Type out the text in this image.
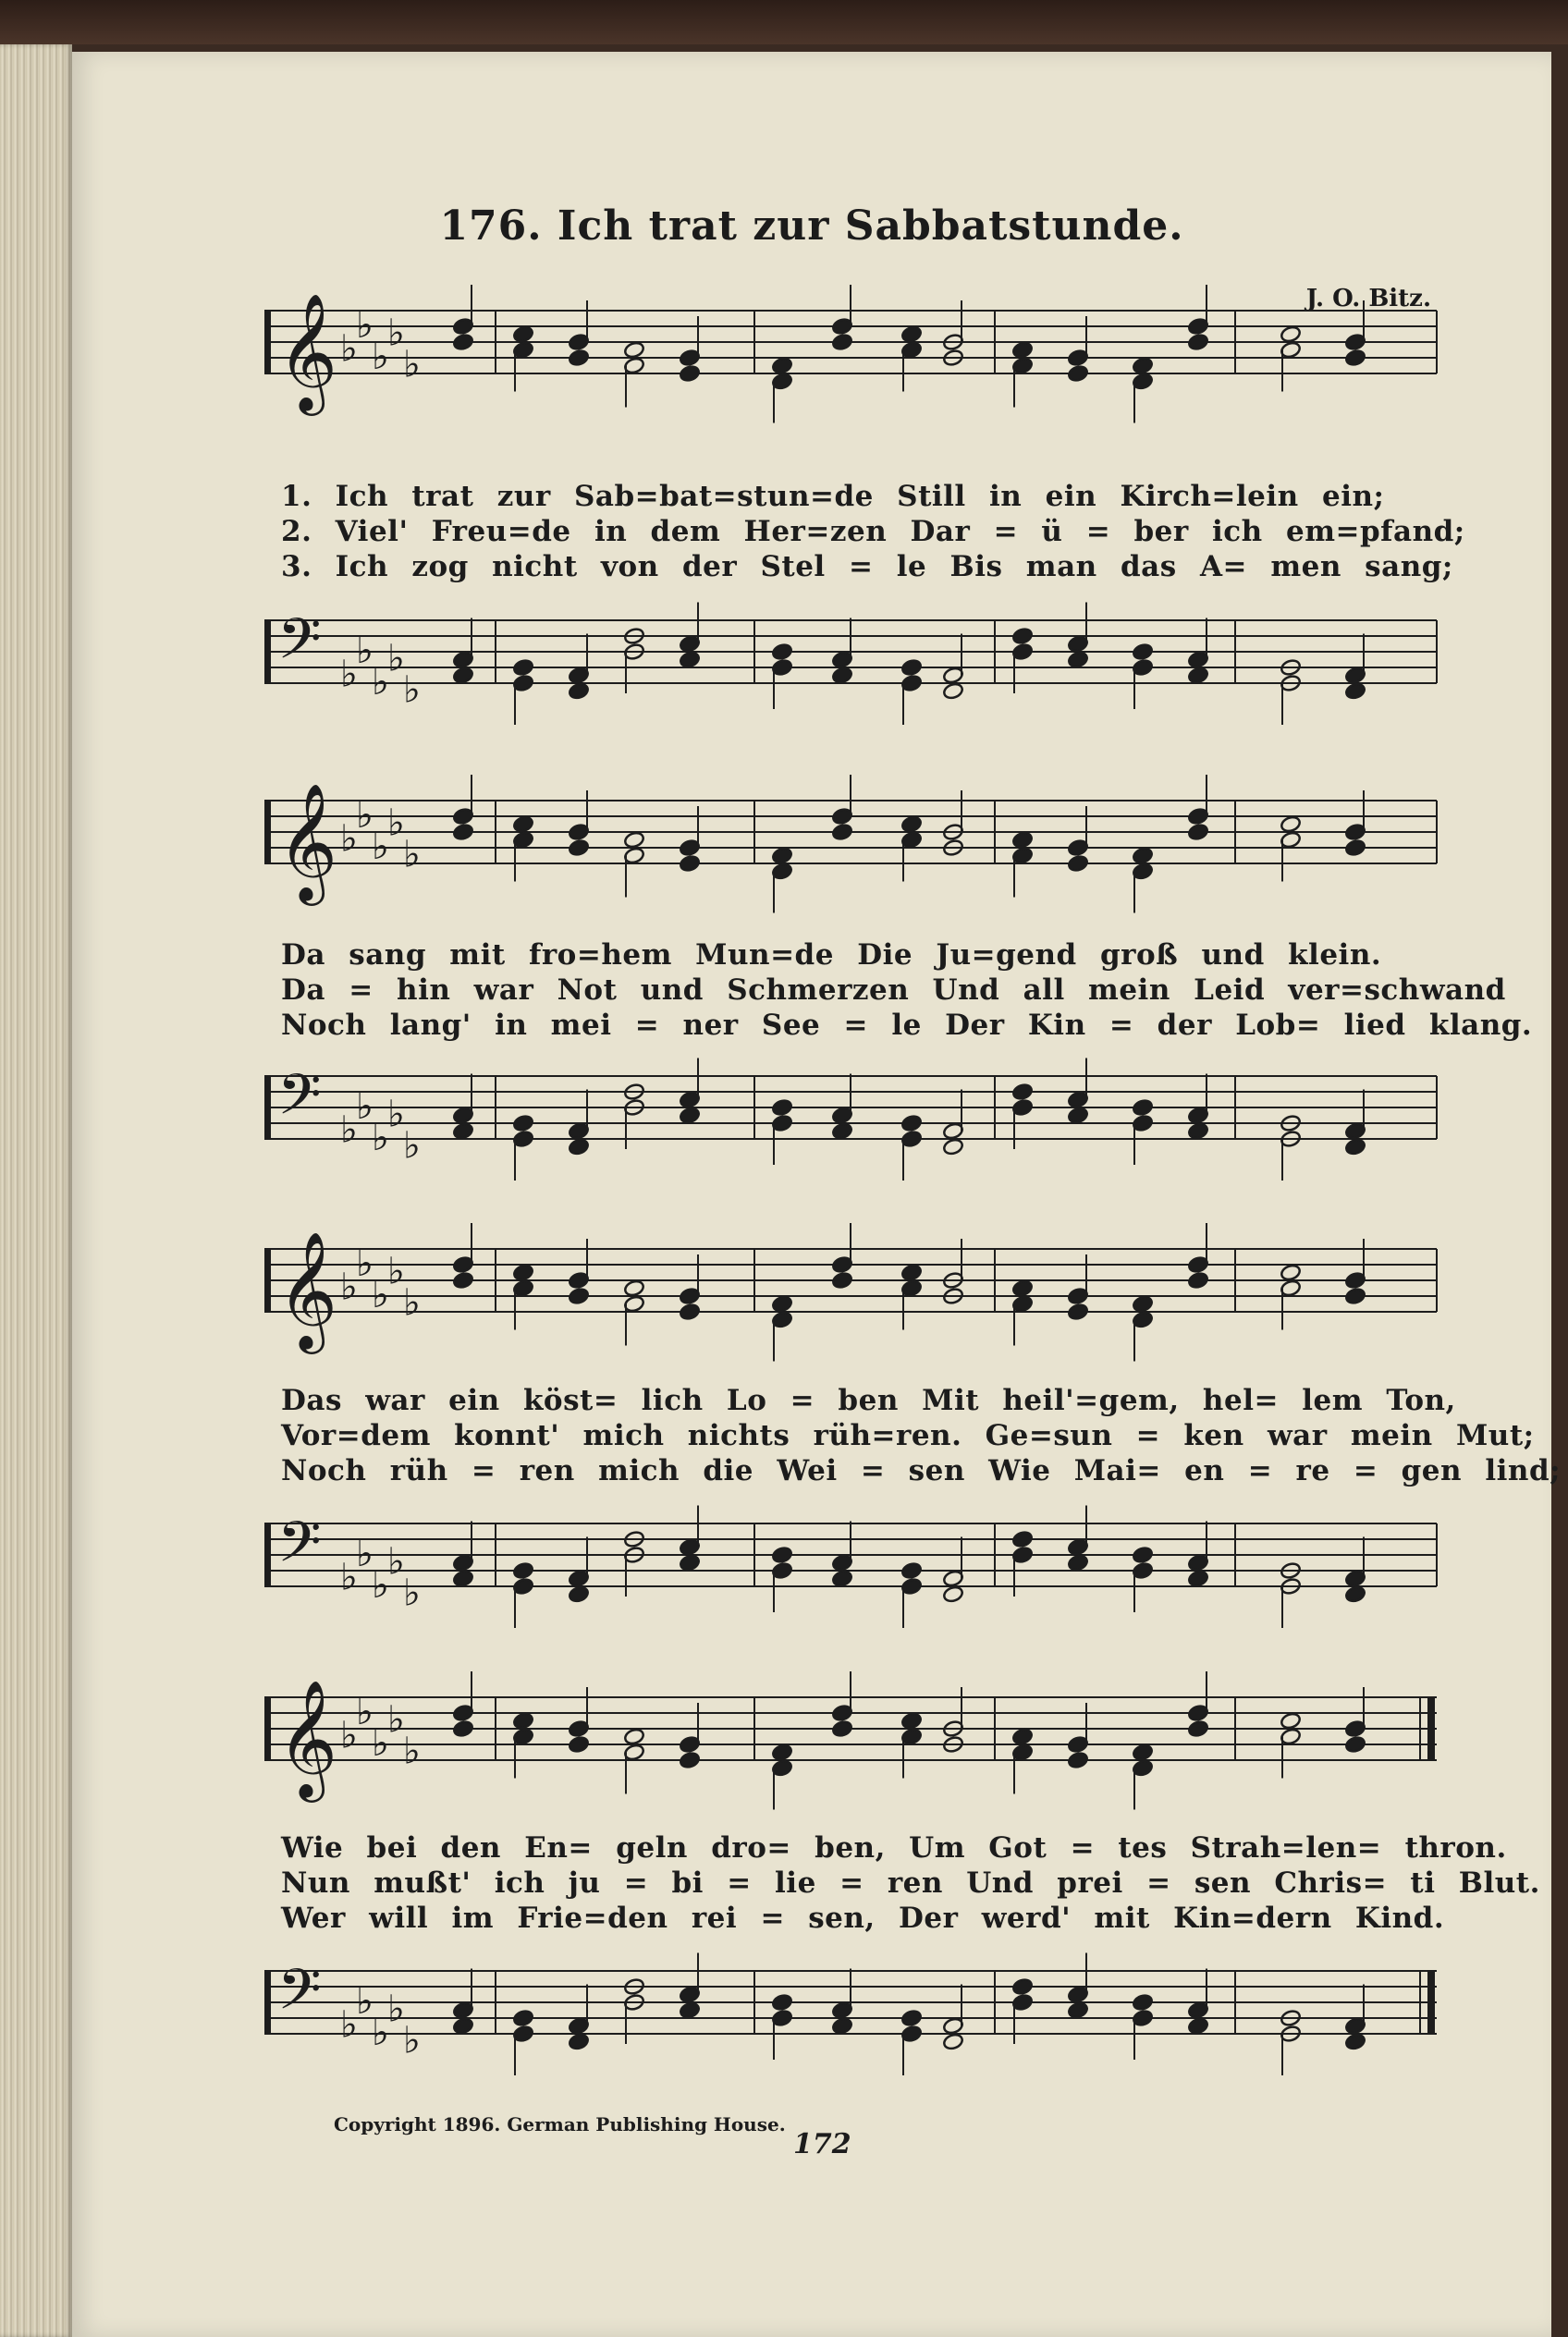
176. Ich trat zur Sabbatstunde.
J. O. Bitz.
𝄞 ♭
♭
♭
♭
♭
1. Ich trat zur Sab=bat=stun=de Still in ein Kirch=lein ein;
2. Viel' Freu=de in dem Her=zen Dar = ü = ber ich em=pfand;
3. Ich zog nicht von der Stel = le Bis man das A= men sang;
𝄢 ♭
♭
♭
♭
♭
𝄞 ♭
♭
♭
♭
♭
Da sang mit fro=hem Mun=de Die Ju=gend groß und klein.
Da = hin war Not und Schmerzen Und all mein Leid ver=schwand
Noch lang' in mei = ner See = le Der Kin = der Lob= lied klang.
𝄢 ♭
♭
♭
♭
♭
𝄞 ♭
♭
♭
♭
♭
Das war ein köst= lich Lo = ben Mit heil'=gem, hel= lem Ton,
Vor=dem konnt' mich nichts rüh=ren. Ge=sun = ken war mein Mut;
Noch rüh = ren mich die Wei = sen Wie Mai= en = re = gen lind;
𝄢 ♭
♭
♭
♭
♭
𝄞 ♭
♭
♭
♭
♭
Wie bei den En= geln dro= ben, Um Got = tes Strah=len= thron.
Nun mußt' ich ju = bi = lie = ren Und prei = sen Chris= ti Blut.
Wer will im Frie=den rei = sen, Der werd' mit Kin=dern Kind.
𝄢 ♭
♭
♭
♭
♭
Copyright 1896. German Publishing House.
172
